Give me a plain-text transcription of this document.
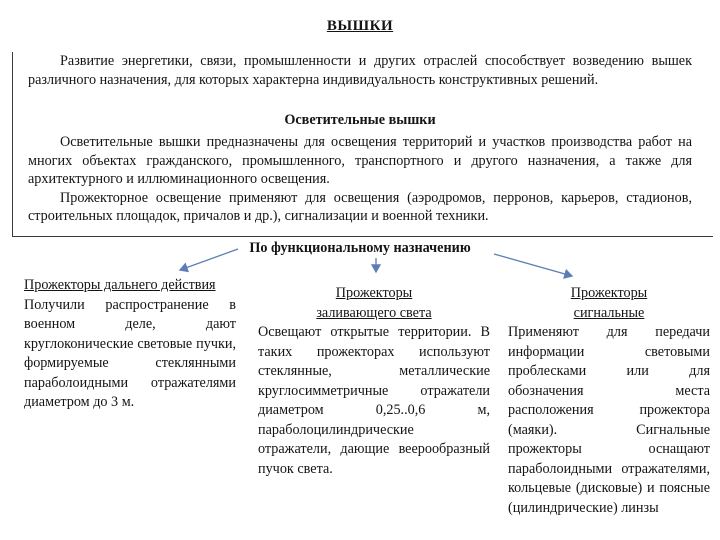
ВЫШКИ
Развитие энергетики, связи, промышленности и других отраслей способствует возведению вышек различного назначения, для которых характерна индивидуальность конструктивных решений.
Осветительные вышки
Осветительные вышки предназначены для освещения территорий и участков производства работ на многих объектах гражданского, промышленного, транспортного и другого назначения, а также для архитектурного и иллюминационного освещения.
Прожекторное освещение применяют для освещения (аэродромов, перронов, карьеров, стадионов, строительных площадок, причалов и др.), сигнализации и военной техники.
По функциональному назначению
Прожекторы дальнего действия
Получили распространение в военном деле, дают круглоконические световые пучки, формируемые стеклянными параболоидными отражателями диаметром до 3 м.
Прожекторы
заливающего света
Освещают открытые территории. В таких прожекторах используют стеклянные, металлические круглосимметричные отражатели диаметром 0,25..0,6 м, параболоцилиндрические отражатели, дающие веерообразный пучок света.
Прожекторы
сигнальные
Применяют для передачи информации световыми проблесками или для обозначения места расположения прожектора (маяки). Сигнальные прожекторы оснащают параболоидными отражателями, кольцевые (дисковые) и поясные (цилиндрические) линзы
